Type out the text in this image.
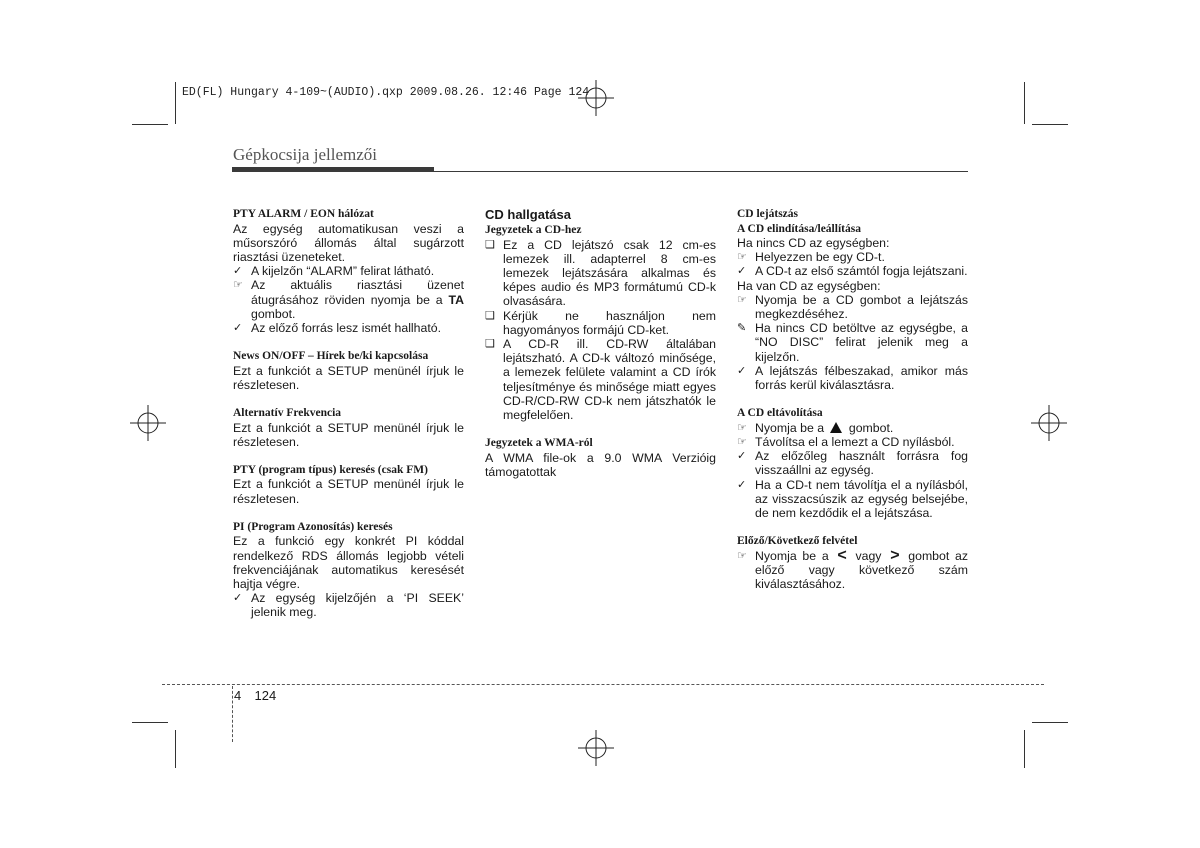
ED(FL) Hungary 4-109~(AUDIO).qxp 2009.08.26. 12:46 Page 124
Gépkocsija jellemzői
PTY ALARM / EON hálózat
Az egység automatikusan veszi a műsorszóró állomás által sugárzott riasztási üzeneteket.
✓ A kijelzőn “ALARM” felirat látható.
☞ Az aktuális riasztási üzenet átugrásához röviden nyomja be a TA gombot.
✓ Az előző forrás lesz ismét hallható.
News ON/OFF – Hírek be/ki kapcsolása
Ezt a funkciót a SETUP menünél írjuk le részletesen.
Alternatív Frekvencia
Ezt a funkciót a SETUP menünél írjuk le részletesen.
PTY (program típus) keresés (csak FM)
Ezt a funkciót a SETUP menünél írjuk le részletesen.
PI (Program Azonosítás) keresés
Ez a funkció egy konkrét PI kóddal rendelkező RDS állomás legjobb vételi frekvenciájának automatikus keresését hajtja végre.
✓ Az egység kijelzőjén a ‘PI SEEK’ jelenik meg.
CD hallgatása
Jegyzetek a CD-hez
❑ Ez a CD lejátszó csak 12 cm-es lemezek ill. adapterrel 8 cm-es lemezek lejátszására alkalmas és képes audio és MP3 formátumú CD-k olvasására.
❑ Kérjük ne használjon nem hagyományos formájú CD-ket.
❑ A CD-R ill. CD-RW általában lejátszható. A CD-k változó minősége, a lemezek felülete valamint a CD írók teljesítménye és minősége miatt egyes CD-R/CD-RW CD-k nem játszhatók le megfelelően.
Jegyzetek a WMA-ról
A WMA file-ok a 9.0 WMA Verzióig támogatottak
CD lejátszás
A CD elindítása/leállítása
Ha nincs CD az egységben:
☞ Helyezzen be egy CD-t.
✓ A CD-t az első számtól fogja lejátszani.
Ha van CD az egységben:
☞ Nyomja be a CD gombot a lejátszás megkezdéséhez.
✎ Ha nincs CD betöltve az egységbe, a “NO DISC” felirat jelenik meg a kijelzőn.
✓ A lejátszás félbeszakad, amikor más forrás kerül kiválasztásra.
A CD eltávolítása
☞ Nyomja be a  gombot.
☞ Távolítsa el a lemezt a CD nyílásból.
✓ Az előzőleg használt forrásra fog visszaállni az egység.
✓ Ha a CD-t nem távolítja el a nyílásból, az visszacsúszik az egység belsejébe, de nem kezdődik el a lejátszása.
Előző/Következő felvétel
☞ Nyomja be a < vagy > gombot az előző vagy következő szám kiválasztásához.
4 124
